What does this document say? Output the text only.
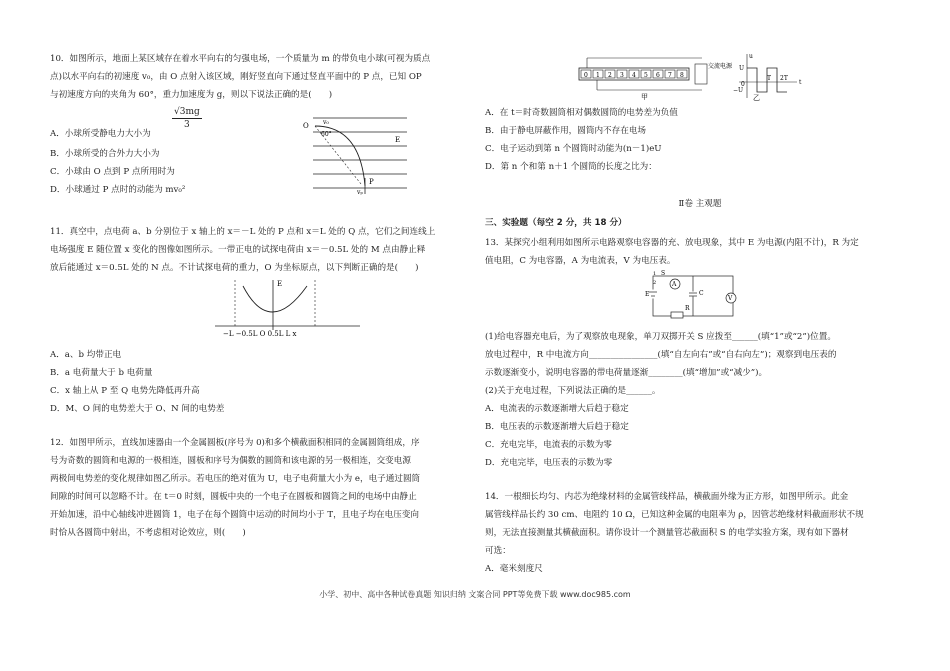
10．如图所示，地面上某区域存在着水平向右的匀强电场，一个质量为 m 的带负电小球(可视为质点
点)以水平向右的初速度 v₀，由 O 点射入该区域，刚好竖直向下通过竖直平面中的 P 点，已知 OP
与初速度方向的夹角为 60°，重力加速度为 g，则以下说法正确的是(　　)
$\frac{√3mg}{3}$
A．小球所受静电力大小为
B．小球所受的合外力大小为
C．小球由 O 点到 P 点所用时为
D．小球通过 P 点时的动能为 mv₀²
O v₀
60°
E
P
vₚ
11．真空中，点电荷 a、b 分别位于 x 轴上的 x＝－L 处的 P 点和 x＝L 处的 Q 点，它们之间连线上
电场强度 E 随位置 x 变化的图像如图所示。一带正电的试探电荷由 x＝－0.5L 处的 M 点由静止释
放后能通过 x＝0.5L 处的 N 点。不计试探电荷的重力，O 为坐标原点，以下判断正确的是(　　)
E
−L −0.5L O 0.5L L x
A．a、b 均带正电
B．a 电荷量大于 b 电荷量
C．x 轴上从 P 至 Q 电势先降低再升高
D．M、O 间的电势差大于 O、N 间的电势差
12．如图甲所示，直线加速器由一个金属圆板(序号为 0)和多个横截面积相同的金属圆筒组成，序
号为奇数的圆筒和电源的一极相连，圆板和序号为偶数的圆筒和该电源的另一极相连，交变电源
两极间电势差的变化规律如图乙所示。若电压的绝对值为 U，电子电荷量大小为 e，电子通过圆筒
间隙的时间可以忽略不计。在 t＝0 时刻，圆板中央的一个电子在圆板和圆筒之间的电场中由静止
开始加速，沿中心轴线冲进圆筒 1，电子在每个圆筒中运动的时间均小于 T，且电子均在电压变向
时恰从各圆筒中射出，不考虑相对论效应，则(　　)
0 1 2 3 4 5 6 7 8
交流电源
甲
u
U
−U
0
T 2T
t
乙
A．在 t＝时奇数圆筒相对偶数圆筒的电势差为负值
B．由于静电屏蔽作用，圆筒内不存在电场
C．电子运动到第 n 个圆筒时动能为(n－1)eU
D．第 n 个和第 n＋1 个圆筒的长度之比为：
Ⅱ卷 主观题
三、实验题（每空 2 分，共 18 分）
13．某探究小组利用如图所示电路观察电容器的充、放电现象，其中 E 为电源(内阻不计)，R 为定
值电阻，C 为电容器，A 为电流表，V 为电压表。
A
V
C
E
R
S
1
2
(1)给电容器充电后，为了观察放电现象，单刀双掷开关 S 应拨至______(填“1”或“2”)位置。
放电过程中，R 中电流方向________________(填“自左向右”或“自右向左”)；观察到电压表的
示数逐渐变小，说明电容器的带电荷量逐渐________(填“增加”或“减少”)。
(2)关于充电过程，下列说法正确的是______。
A．电流表的示数逐渐增大后趋于稳定
B．电压表的示数逐渐增大后趋于稳定
C．充电完毕，电流表的示数为零
D．充电完毕，电压表的示数为零
14．一根细长均匀、内芯为绝缘材料的金属管线样品，横截面外缘为正方形，如图甲所示。此金
属管线样品长约 30 cm、电阻约 10 Ω，已知这种金属的电阻率为 ρ，因管芯绝缘材料截面形状不规
则，无法直接测量其横截面积。请你设计一个测量管芯截面积 S 的电学实验方案，现有如下器材
可选：
A．毫米刻度尺
小学、初中、高中各种试卷真题 知识归纳 文案合同 PPT等免费下载 www.doc985.com
